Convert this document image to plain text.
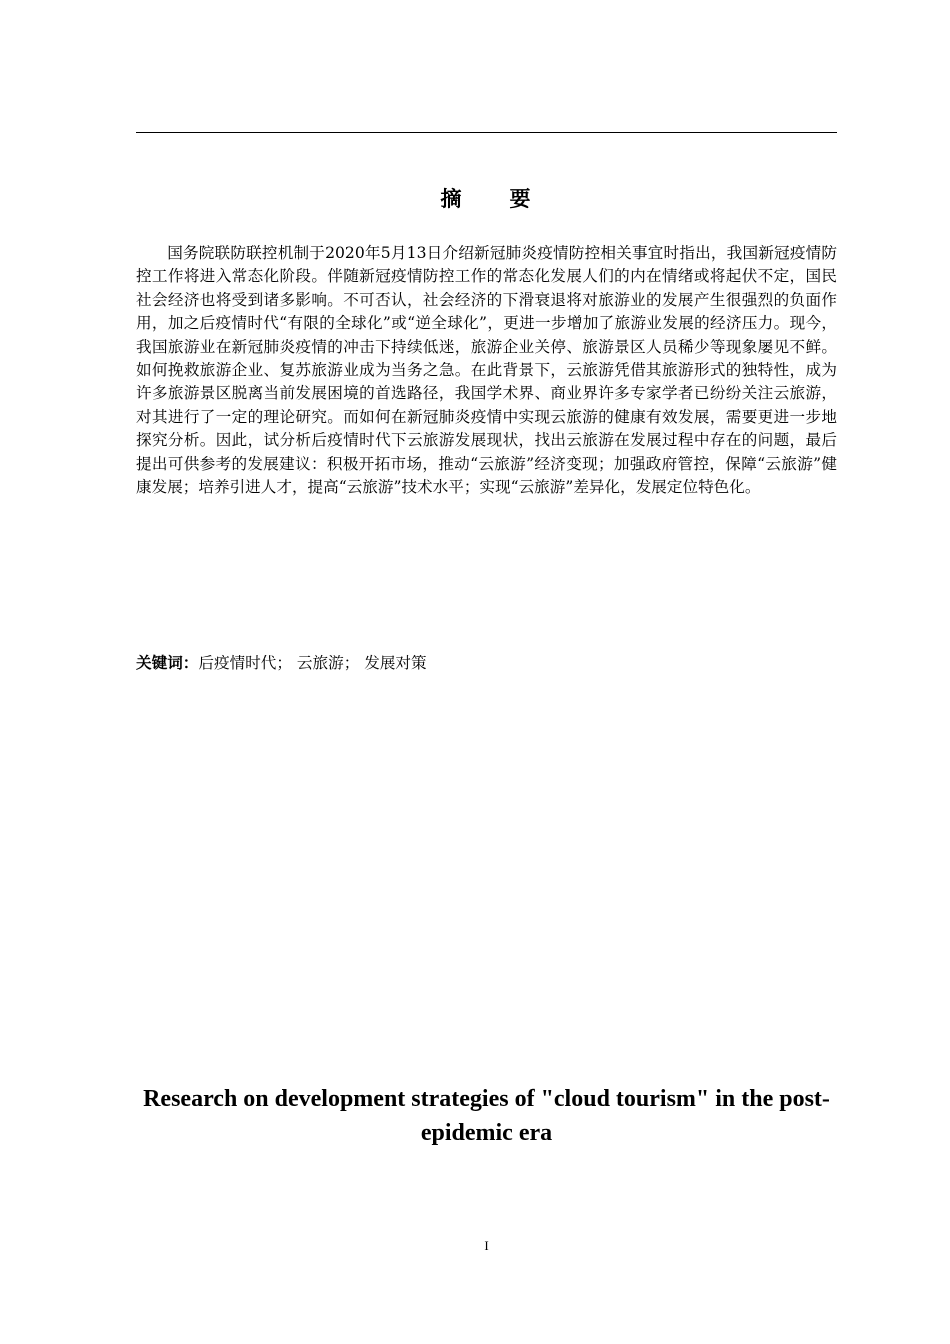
摘　　要

国务院联防联控机制于2020年5月13日介绍新冠肺炎疫情防控相关事宜时指出，我国新冠疫情防控工作将进入常态化阶段。伴随新冠疫情防控工作的常态化发展人们的内在情绪或将起伏不定，国民社会经济也将受到诸多影响。不可否认，社会经济的下滑衰退将对旅游业的发展产生很强烈的负面作用，加之后疫情时代“有限的全球化”或“逆全球化”，更进一步增加了旅游业发展的经济压力。现今，我国旅游业在新冠肺炎疫情的冲击下持续低迷，旅游企业关停、旅游景区人员稀少等现象屡见不鲜。如何挽救旅游企业、复苏旅游业成为当务之急。在此背景下，云旅游凭借其旅游形式的独特性，成为许多旅游景区脱离当前发展困境的首选路径，我国学术界、商业界许多专家学者已纷纷关注云旅游，对其进行了一定的理论研究。而如何在新冠肺炎疫情中实现云旅游的健康有效发展，需要更进一步地探究分析。因此，试分析后疫情时代下云旅游发展现状，找出云旅游在发展过程中存在的问题，最后提出可供参考的发展建议：积极开拓市场，推动“云旅游”经济变现；加强政府管控，保障“云旅游”健康发展；培养引进人才，提高“云旅游”技术水平；实现“云旅游”差异化，发展定位特色化。

关键词：后疫情时代； 云旅游； 发展对策
Research on development strategies of "cloud tourism" in the post-epidemic era
I
